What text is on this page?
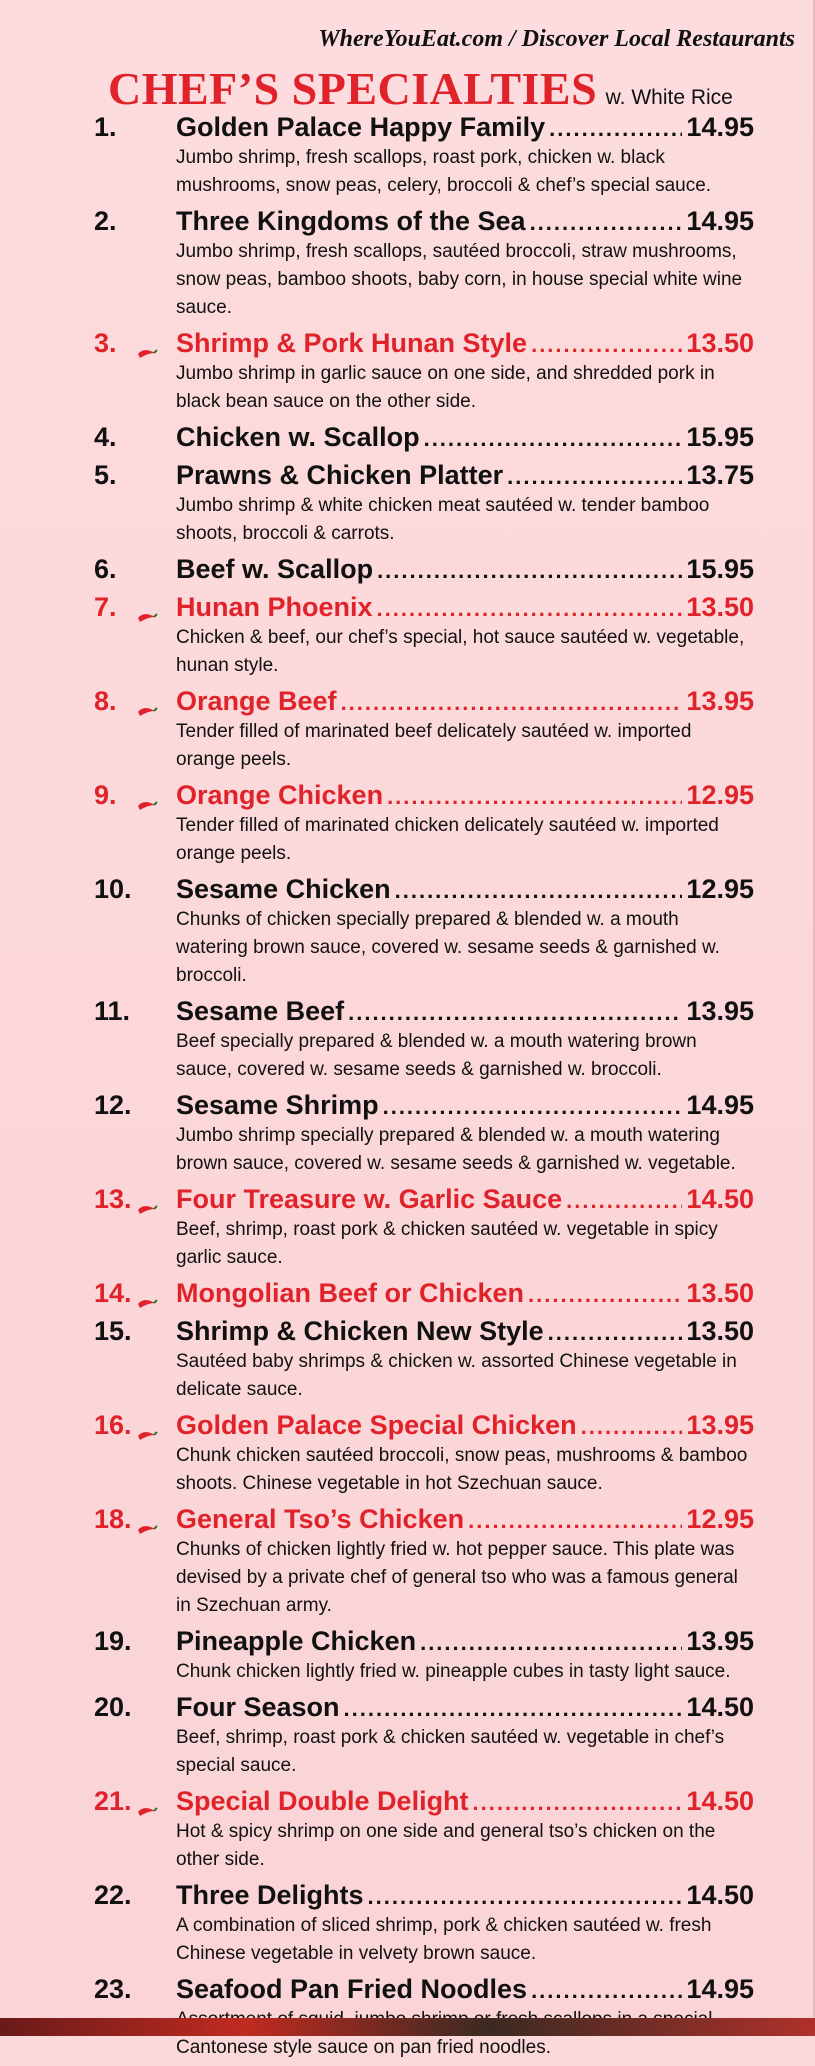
WhereYouEat.com / Discover Local Restaurants
CHEF’S SPECIALTIES w. White Rice
1.	Golden Palace Happy Family .....	14.95
Jumbo shrimp, fresh scallops, roast pork, chicken w. black mushrooms, snow peas, celery, broccoli & chef’s special sauce.
2.	Three Kingdoms of the Sea .....	14.95
Jumbo shrimp, fresh scallops, sautéed broccoli, straw mushrooms, snow peas, bamboo shoots, baby corn, in house special white wine sauce.
3.	Shrimp & Pork Hunan Style .....	13.50
Jumbo shrimp in garlic sauce on one side, and shredded pork in black bean sauce on the other side.
4.	Chicken w. Scallop .....	15.95
5.	Prawns & Chicken Platter .....	13.75
Jumbo shrimp & white chicken meat sautéed w. tender bamboo shoots, broccoli & carrots.
6.	Beef w. Scallop .....	15.95
7.	Hunan Phoenix .....	13.50
Chicken & beef, our chef’s special, hot sauce sautéed w. vegetable, hunan style.
8.	Orange Beef .....	13.95
Tender filled of marinated beef delicately sautéed w. imported orange peels.
9.	Orange Chicken .....	12.95
Tender filled of marinated chicken delicately sautéed w. imported orange peels.
10.	Sesame Chicken .....	12.95
Chunks of chicken specially prepared & blended w. a mouth watering brown sauce, covered w. sesame seeds & garnished w. broccoli.
11.	Sesame Beef .....	13.95
Beef specially prepared & blended w. a mouth watering brown sauce, covered w. sesame seeds & garnished w. broccoli.
12.	Sesame Shrimp .....	14.95
Jumbo shrimp specially prepared & blended w. a mouth watering brown sauce, covered w. sesame seeds & garnished w. vegetable.
13.	Four Treasure w. Garlic Sauce .....	14.50
Beef, shrimp, roast pork & chicken sautéed w. vegetable in spicy garlic sauce.
14.	Mongolian Beef or Chicken .....	13.50
15.	Shrimp & Chicken New Style .....	13.50
Sautéed baby shrimps & chicken w. assorted Chinese vegetable in delicate sauce.
16.	Golden Palace Special Chicken .....	13.95
Chunk chicken sautéed broccoli, snow peas, mushrooms & bamboo shoots. Chinese vegetable in hot Szechuan sauce.
18.	General Tso’s Chicken .....	12.95
Chunks of chicken lightly fried w. hot pepper sauce. This plate was devised by a private chef of general tso who was a famous general in Szechuan army.
19.	Pineapple Chicken .....	13.95
Chunk chicken lightly fried w. pineapple cubes in tasty light sauce.
20.	Four Season .....	14.50
Beef, shrimp, roast pork & chicken sautéed w. vegetable in chef’s special sauce.
21.	Special Double Delight .....	14.50
Hot & spicy shrimp on one side and general tso’s chicken on the other side.
22.	Three Delights .....	14.50
A combination of sliced shrimp, pork & chicken sautéed w. fresh Chinese vegetable in velvety brown sauce.
23.	Seafood Pan Fried Noodles .....	14.95
Cantonese style sauce on pan fried noodles.
